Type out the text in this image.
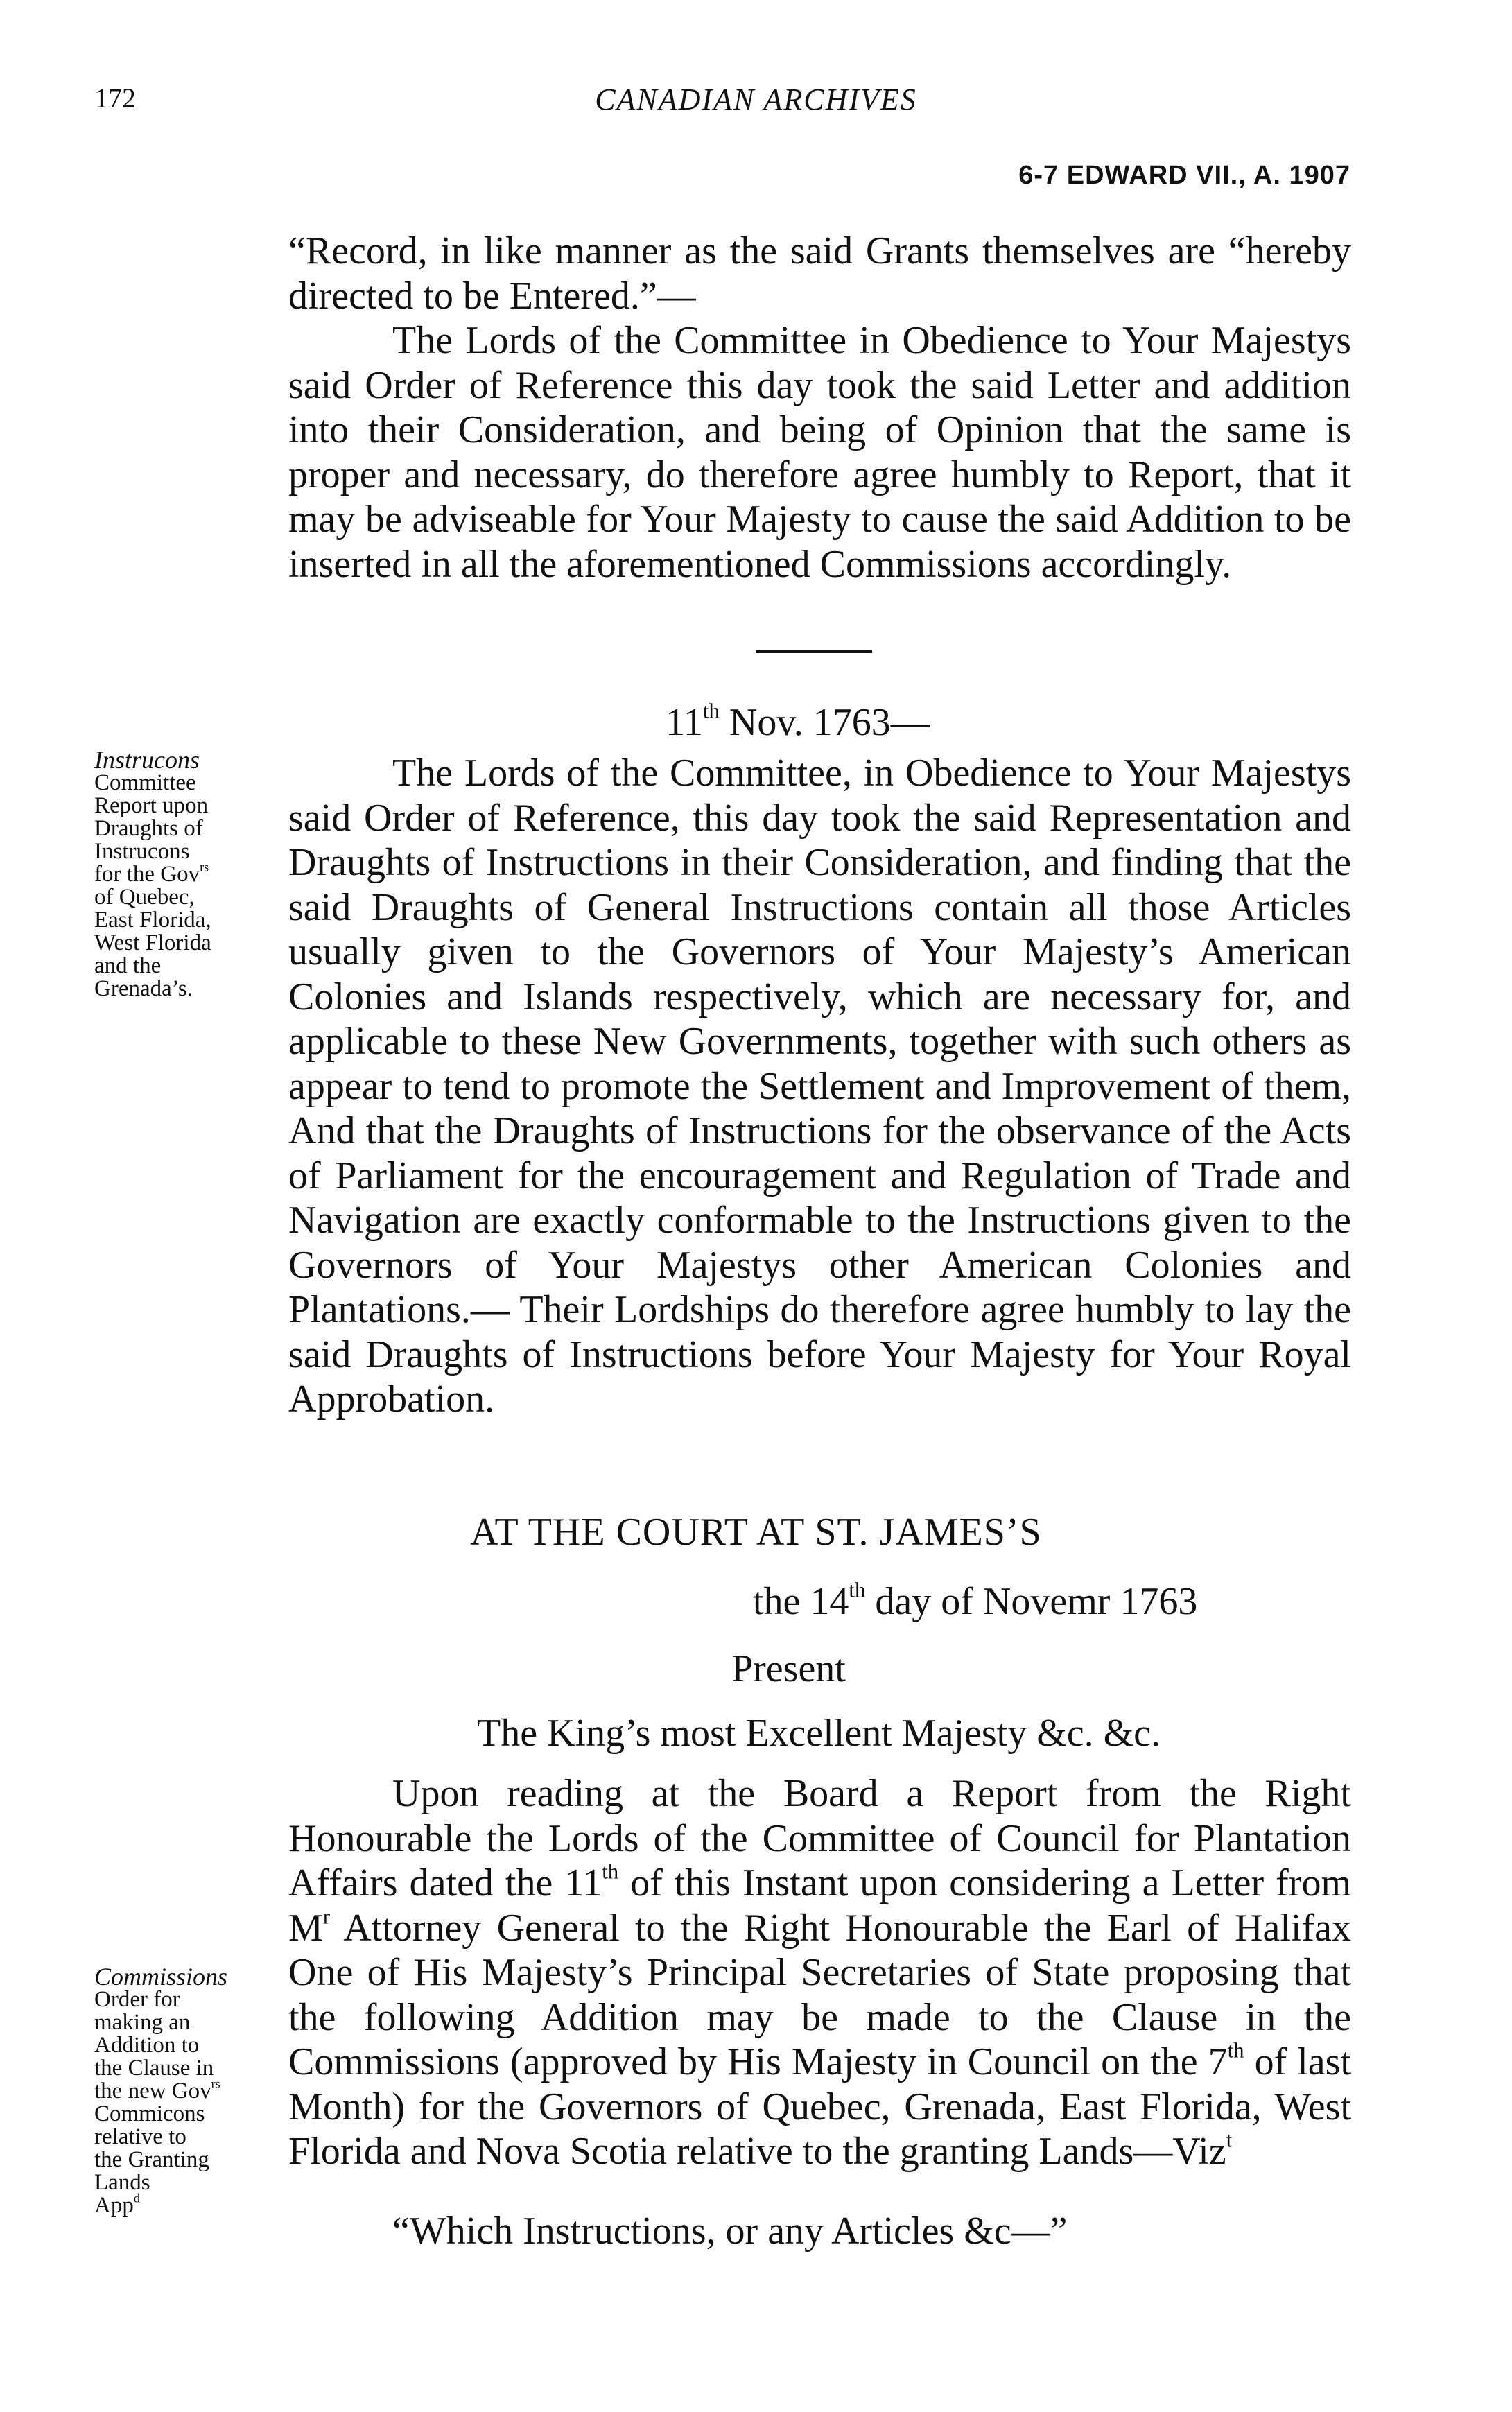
172	CANADIAN ARCHIVES
6-7 EDWARD VII., A. 1907

“Record, in like manner as the said Grants themselves are “hereby directed to be Entered.”—

The Lords of the Committee in Obedience to Your Majestys said Order of Reference this day took the said Letter and addition into their Consideration, and being of Opinion that the same is proper and necessary, do therefore agree humbly to Report, that it may be adviseable for Your Majesty to cause the said Addition to be inserted in all the aforementioned Commissions accordingly.

11th Nov. 1763—
Instrucons
Committee
Report upon
Draughts of
Instrucons
for the Gov$^{rs}$
of Quebec,
East Florida,
West Florida
and the
Grenada’s.

The Lords of the Committee, in Obedience to Your Majestys said Order of Reference, this day took the said Representation and Draughts of Instructions in their Consideration, and finding that the said Draughts of General Instructions contain all those Articles usually given to the Governors of Your Majesty’s American Colonies and Islands respectively, which are necessary for, and applicable to these New Governments, together with such others as appear to tend to promote the Settlement and Improvement of them, And that the Draughts of Instructions for the observance of the Acts of Parliament for the encouragement and Regulation of Trade and Navigation are exactly conformable to the Instructions given to the Governors of Your Majestys other American Colonies and Plantations.— Their Lordships do therefore agree humbly to lay the said Draughts of Instructions before Your Majesty for Your Royal Approbation.

AT THE COURT AT ST. JAMES’S
the 14th day of Novemr 1763
Present
The King’s most Excellent Majesty &c. &c.

Upon reading at the Board a Report from the Right Honourable the Lords of the Committee of Council for Plantation Affairs dated the 11th of this Instant upon considering a Letter from $M^r$ Attorney General to the Right Honourable the Earl of Halifax One of His Majesty’s Principal Secretaries of State proposing that the following Addition may be made to the Clause in the Commissions (approved by His Majesty in Council on the 7th of last Month) for the Governors of Quebec, Grenada, East Florida, West Florida and Nova Scotia relative to the granting Lands—Viz$^t$

Commissions
Order for
making an
Addition to
the Clause in
the new Gov$^{rs}$
Commicons
relative to
the Granting
Lands
App$^d$
“Which Instructions, or any Articles &c—”
